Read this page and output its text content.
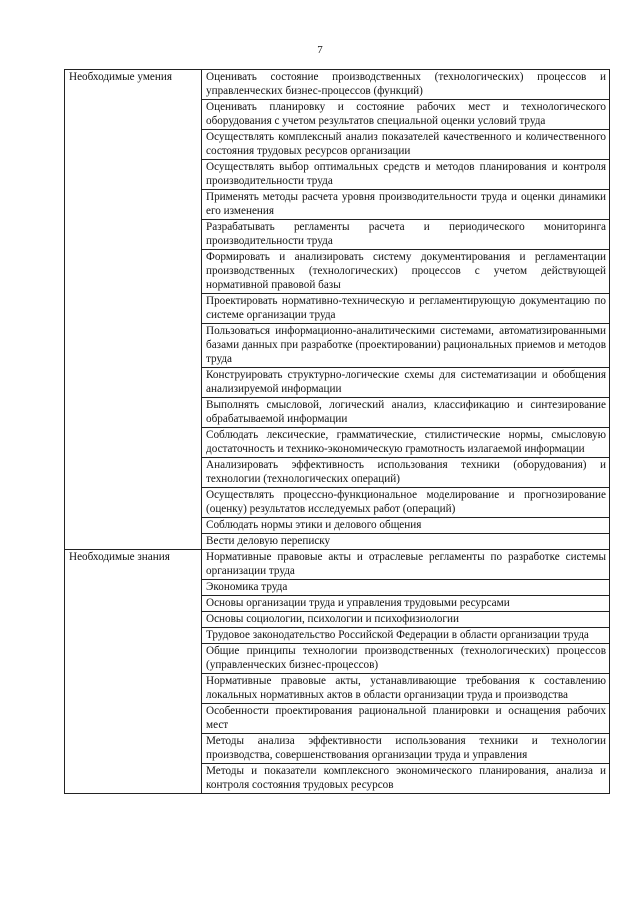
7
Необходимые умения	Оценивать состояние производственных (технологических) процессов и управленческих бизнес-процессов (функций)
	Оценивать планировку и состояние рабочих мест и технологического оборудования с учетом результатов специальной оценки условий труда
	Осуществлять комплексный анализ показателей качественного и количественного состояния трудовых ресурсов организации
	Осуществлять выбор оптимальных средств и методов планирования и контроля производительности труда
	Применять методы расчета уровня производительности труда и оценки динамики его изменения
	Разрабатывать регламенты расчета и периодического мониторинга производительности труда
	Формировать и анализировать систему документирования и регламентации производственных (технологических) процессов с учетом действующей нормативной правовой базы
	Проектировать нормативно-техническую и регламентирующую документацию по системе организации труда
	Пользоваться информационно-аналитическими системами, автоматизированными базами данных при разработке (проектировании) рациональных приемов и методов труда
	Конструировать структурно-логические схемы для систематизации и обобщения анализируемой информации
	Выполнять смысловой, логический анализ, классификацию и синтезирование обрабатываемой информации
	Соблюдать лексические, грамматические, стилистические нормы, смысловую достаточность и технико-экономическую грамотность излагаемой информации
	Анализировать эффективность использования техники (оборудования) и технологии (технологических операций)
	Осуществлять процессно-функциональное моделирование и прогнозирование (оценку) результатов исследуемых работ (операций)
	Соблюдать нормы этики и делового общения
	Вести деловую переписку
Необходимые знания	Нормативные правовые акты и отраслевые регламенты по разработке системы организации труда
	Экономика труда
	Основы организации труда и управления трудовыми ресурсами
	Основы социологии, психологии и психофизиологии
	Трудовое законодательство Российской Федерации в области организации труда
	Общие принципы технологии производственных (технологических) процессов (управленческих бизнес-процессов)
	Нормативные правовые акты, устанавливающие требования к составлению локальных нормативных актов в области организации труда и производства
	Особенности проектирования рациональной планировки и оснащения рабочих мест
	Методы анализа эффективности использования техники и технологии производства, совершенствования организации труда и управления
	Методы и показатели комплексного экономического планирования, анализа и контроля состояния трудовых ресурсов
